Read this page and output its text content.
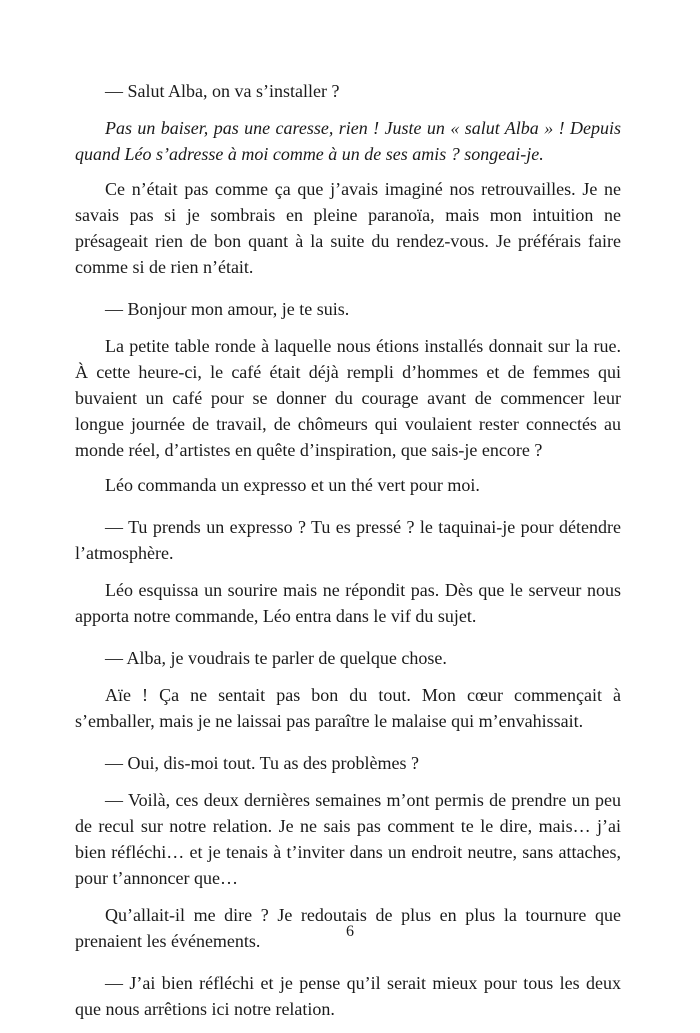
— Salut Alba, on va s’installer ?

Pas un baiser, pas une caresse, rien ! Juste un « salut Alba » ! Depuis quand Léo s’adresse à moi comme à un de ses amis ? songeai-je.

Ce n’était pas comme ça que j’avais imaginé nos retrouvailles. Je ne savais pas si je sombrais en pleine paranoïa, mais mon intuition ne présageait rien de bon quant à la suite du rendez-vous. Je préférais faire comme si de rien n’était.

— Bonjour mon amour, je te suis.

La petite table ronde à laquelle nous étions installés donnait sur la rue. À cette heure-ci, le café était déjà rempli d’hommes et de femmes qui buvaient un café pour se donner du courage avant de commencer leur longue journée de travail, de chômeurs qui voulaient rester connectés au monde réel, d’artistes en quête d’inspiration, que sais-je encore ?

Léo commanda un expresso et un thé vert pour moi.

— Tu prends un expresso ? Tu es pressé ? le taquinai-je pour détendre l’atmosphère.

Léo esquissa un sourire mais ne répondit pas. Dès que le serveur nous apporta notre commande, Léo entra dans le vif du sujet.

— Alba, je voudrais te parler de quelque chose.

Aïe ! Ça ne sentait pas bon du tout. Mon cœur commençait à s’emballer, mais je ne laissai pas paraître le malaise qui m’envahissait.

— Oui, dis-moi tout. Tu as des problèmes ?

— Voilà, ces deux dernières semaines m’ont permis de prendre un peu de recul sur notre relation. Je ne sais pas comment te le dire, mais… j’ai bien réfléchi… et je tenais à t’inviter dans un endroit neutre, sans attaches, pour t’annoncer que…

Qu’allait-il me dire ? Je redoutais de plus en plus la tournure que prenaient les événements.

— J’ai bien réfléchi et je pense qu’il serait mieux pour tous les deux que nous arrêtions ici notre relation.

6
